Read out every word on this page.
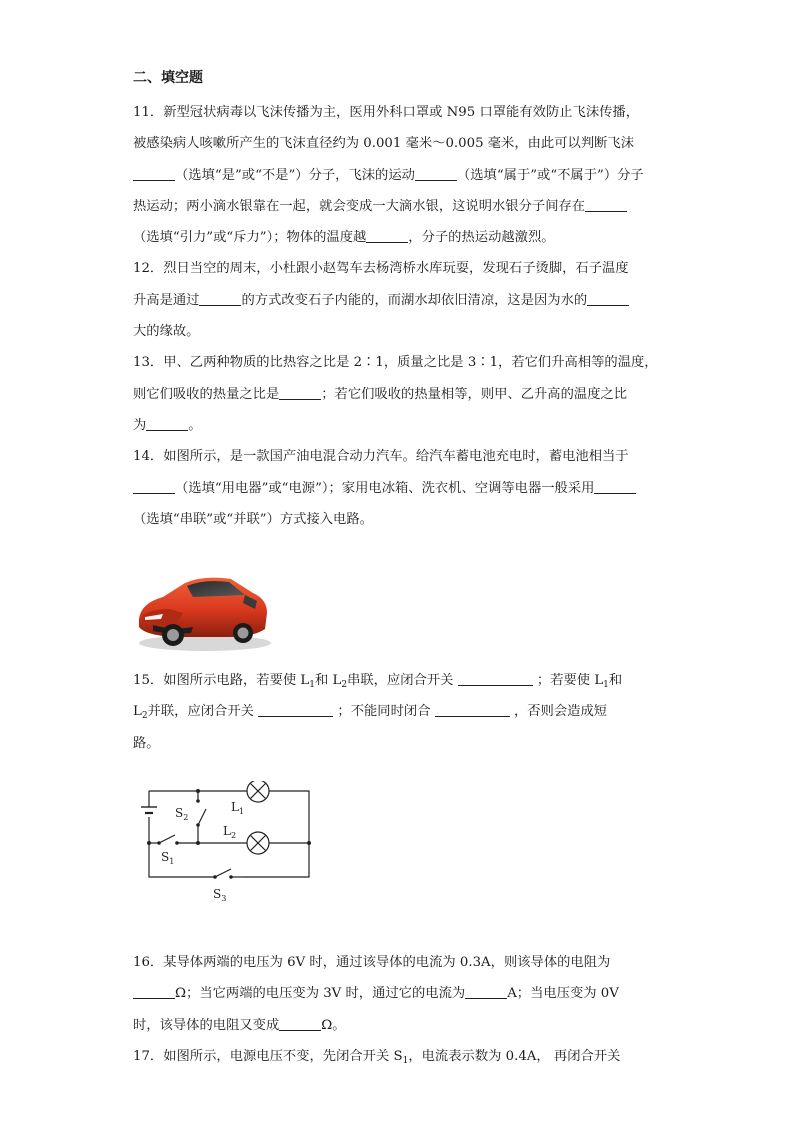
二、填空题
11．新型冠状病毒以飞沫传播为主，医用外科口罩或 N95 口罩能有效防止飞沫传播，
被感染病人咳嗽所产生的飞沫直径约为 0.001 毫米～0.005 毫米，由此可以判断飞沫
（选填“是”或“不是”）分子，飞沫的运动	（选填“属于”或“不属于”）分子
热运动；两小滴水银靠在一起，就会变成一大滴水银，这说明水银分子间存在
（选填“引力”或“斥力”）；物体的温度越	，分子的热运动越激烈。
12．烈日当空的周末，小杜跟小赵驾车去杨湾桥水库玩耍，发现石子烫脚，石子温度
升高是通过	的方式改变石子内能的，而湖水却依旧清凉，这是因为水的
大的缘故。
13．甲、乙两种物质的比热容之比是 2∶1，质量之比是 3∶1，若它们升高相等的温度，
则它们吸收的热量之比是	；若它们吸收的热量相等，则甲、乙升高的温度之比
为	。
14．如图所示，是一款国产油电混合动力汽车。给汽车蓄电池充电时，蓄电池相当于
（选填“用电器”或“电源”）；家用电冰箱、洗衣机、空调等电器一般采用
（选填“串联”或“并联”）方式接入电路。
15．如图所示电路，若要使 $L_1$和 $L_2$串联，应闭合开关	；若要使 $L_1$和
$L_2$并联，应闭合开关	；不能同时闭合	，否则会造成短
路。
$L_1$
$L_2$
$S_2$
$S_1$
$S_3$
16．某导体两端的电压为 6V 时，通过该导体的电流为 0.3A，则该导体的电阻为
Ω；当它两端的电压变为 3V 时，通过它的电流为	A；当电压变为 0V
时，该导体的电阻又变成	Ω。
17．如图所示，电源电压不变，先闭合开关 $S_1$，电流表示数为 0.4A， 再闭合开关
